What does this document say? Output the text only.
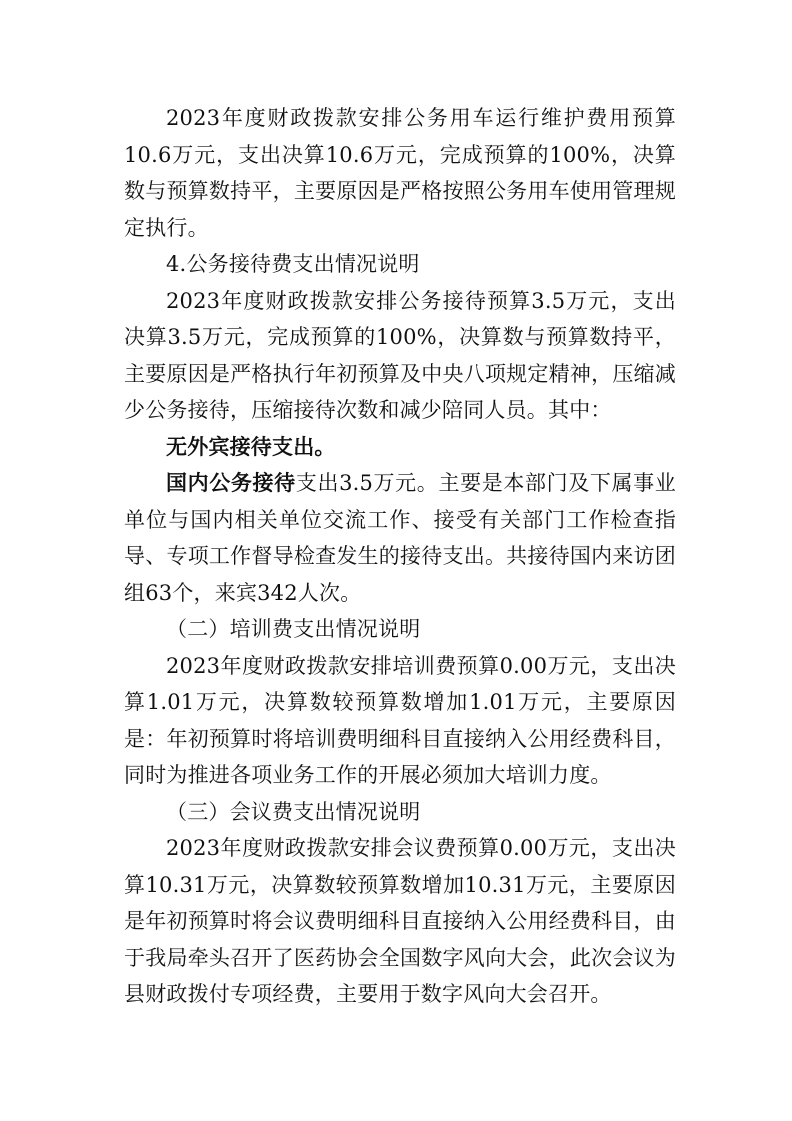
2023年度财政拨款安排公务用车运行维护费用预算10.6万元，支出决算10.6万元，完成预算的100%，决算数与预算数持平，主要原因是严格按照公务用车使用管理规定执行。

4.公务接待费支出情况说明

2023年度财政拨款安排公务接待预算3.5万元，支出决算3.5万元，完成预算的100%，决算数与预算数持平，主要原因是严格执行年初预算及中央八项规定精神，压缩减少公务接待，压缩接待次数和减少陪同人员。其中：

无外宾接待支出。

国内公务接待支出3.5万元。主要是本部门及下属事业单位与国内相关单位交流工作、接受有关部门工作检查指导、专项工作督导检查发生的接待支出。共接待国内来访团组63个，来宾342人次。

（二）培训费支出情况说明

2023年度财政拨款安排培训费预算0.00万元，支出决算1.01万元，决算数较预算数增加1.01万元，主要原因是：年初预算时将培训费明细科目直接纳入公用经费科目，同时为推进各项业务工作的开展必须加大培训力度。

（三）会议费支出情况说明

2023年度财政拨款安排会议费预算0.00万元，支出决算10.31万元，决算数较预算数增加10.31万元，主要原因是年初预算时将会议费明细科目直接纳入公用经费科目，由于我局牵头召开了医药协会全国数字风向大会，此次会议为县财政拨付专项经费，主要用于数字风向大会召开。
